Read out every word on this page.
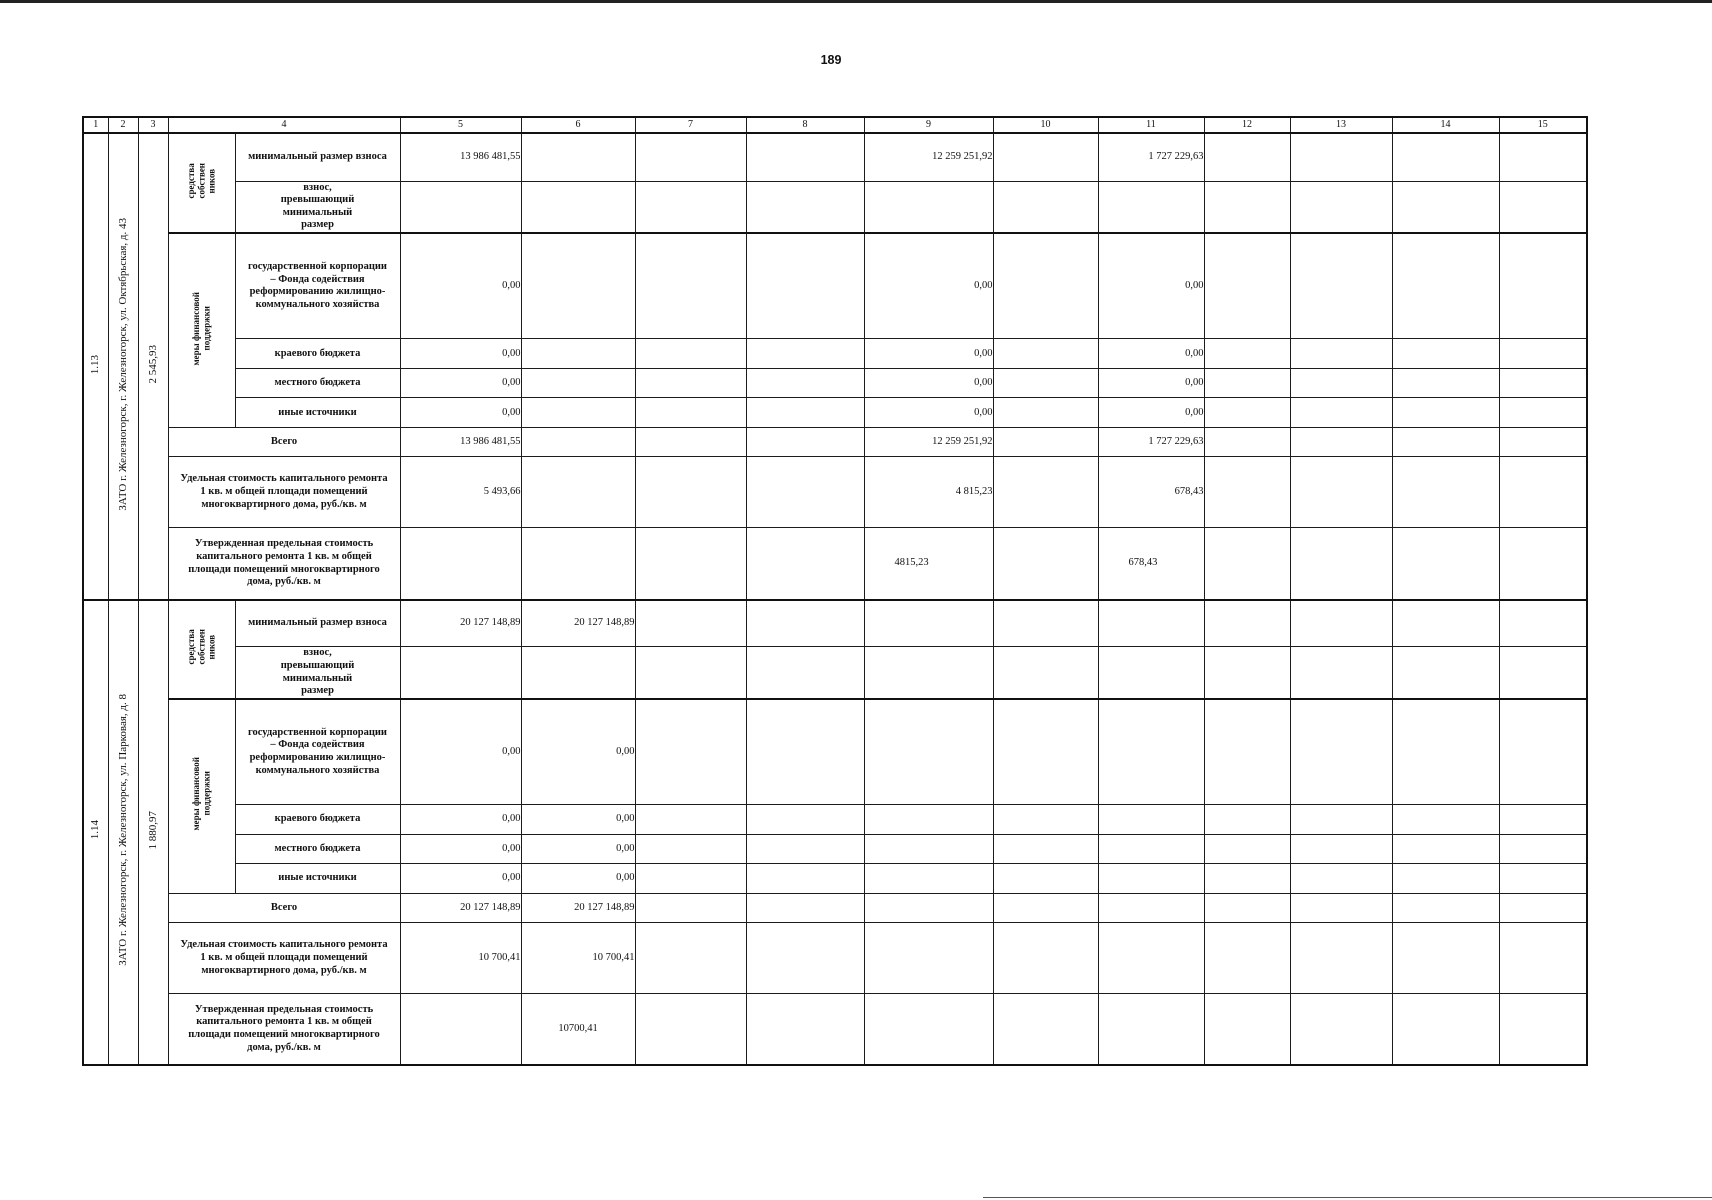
189
1	2	3	4		5	6	7	8	9	10	11	12	13	14	15
1.13	ЗАТО г. Железногорск, г. Железногорск, ул. Октябрьская, д. 43	2 545,93	средства
собствен
ников	минимальный размер взноса	13 986 481,55				12 259 251,92		1 727 229,63				
				взнос, превышающий
минимальный размер											
			меры финансовой
поддержки	государственной корпорации
– Фонда содействия
реформированию жилищно-
коммунального хозяйства	0,00				0,00		0,00				
				краевого бюджета	0,00				0,00		0,00				
				местного бюджета	0,00				0,00		0,00				
				иные источники	0,00				0,00		0,00				
			Всего		13 986 481,55				12 259 251,92		1 727 229,63				
			Удельная стоимость капитального ремонта
1 кв. м общей площади помещений
многоквартирного дома, руб./кв. м		5 493,66				4 815,23		678,43				
			Утвержденная предельная стоимость
капитального ремонта 1 кв. м общей
площади помещений многоквартирного
дома, руб./кв. м						4815,23		678,43				
1.14	ЗАТО г. Железногорск, г. Железногорск, ул. Парковая, д. 8	1 880,97	средства
собствен
ников	минимальный размер взноса	20 127 148,89	20 127 148,89									
				взнос, превышающий
минимальный размер											
			меры финансовой
поддержки	государственной корпорации
– Фонда содействия
реформированию жилищно-
коммунального хозяйства	0,00	0,00									
				краевого бюджета	0,00	0,00									
				местного бюджета	0,00	0,00									
				иные источники	0,00	0,00									
			Всего		20 127 148,89	20 127 148,89									
			Удельная стоимость капитального ремонта
1 кв. м общей площади помещений
многоквартирного дома, руб./кв. м		10 700,41	10 700,41									
			Утвержденная предельная стоимость
капитального ремонта 1 кв. м общей
площади помещений многоквартирного
дома, руб./кв. м			10700,41									
